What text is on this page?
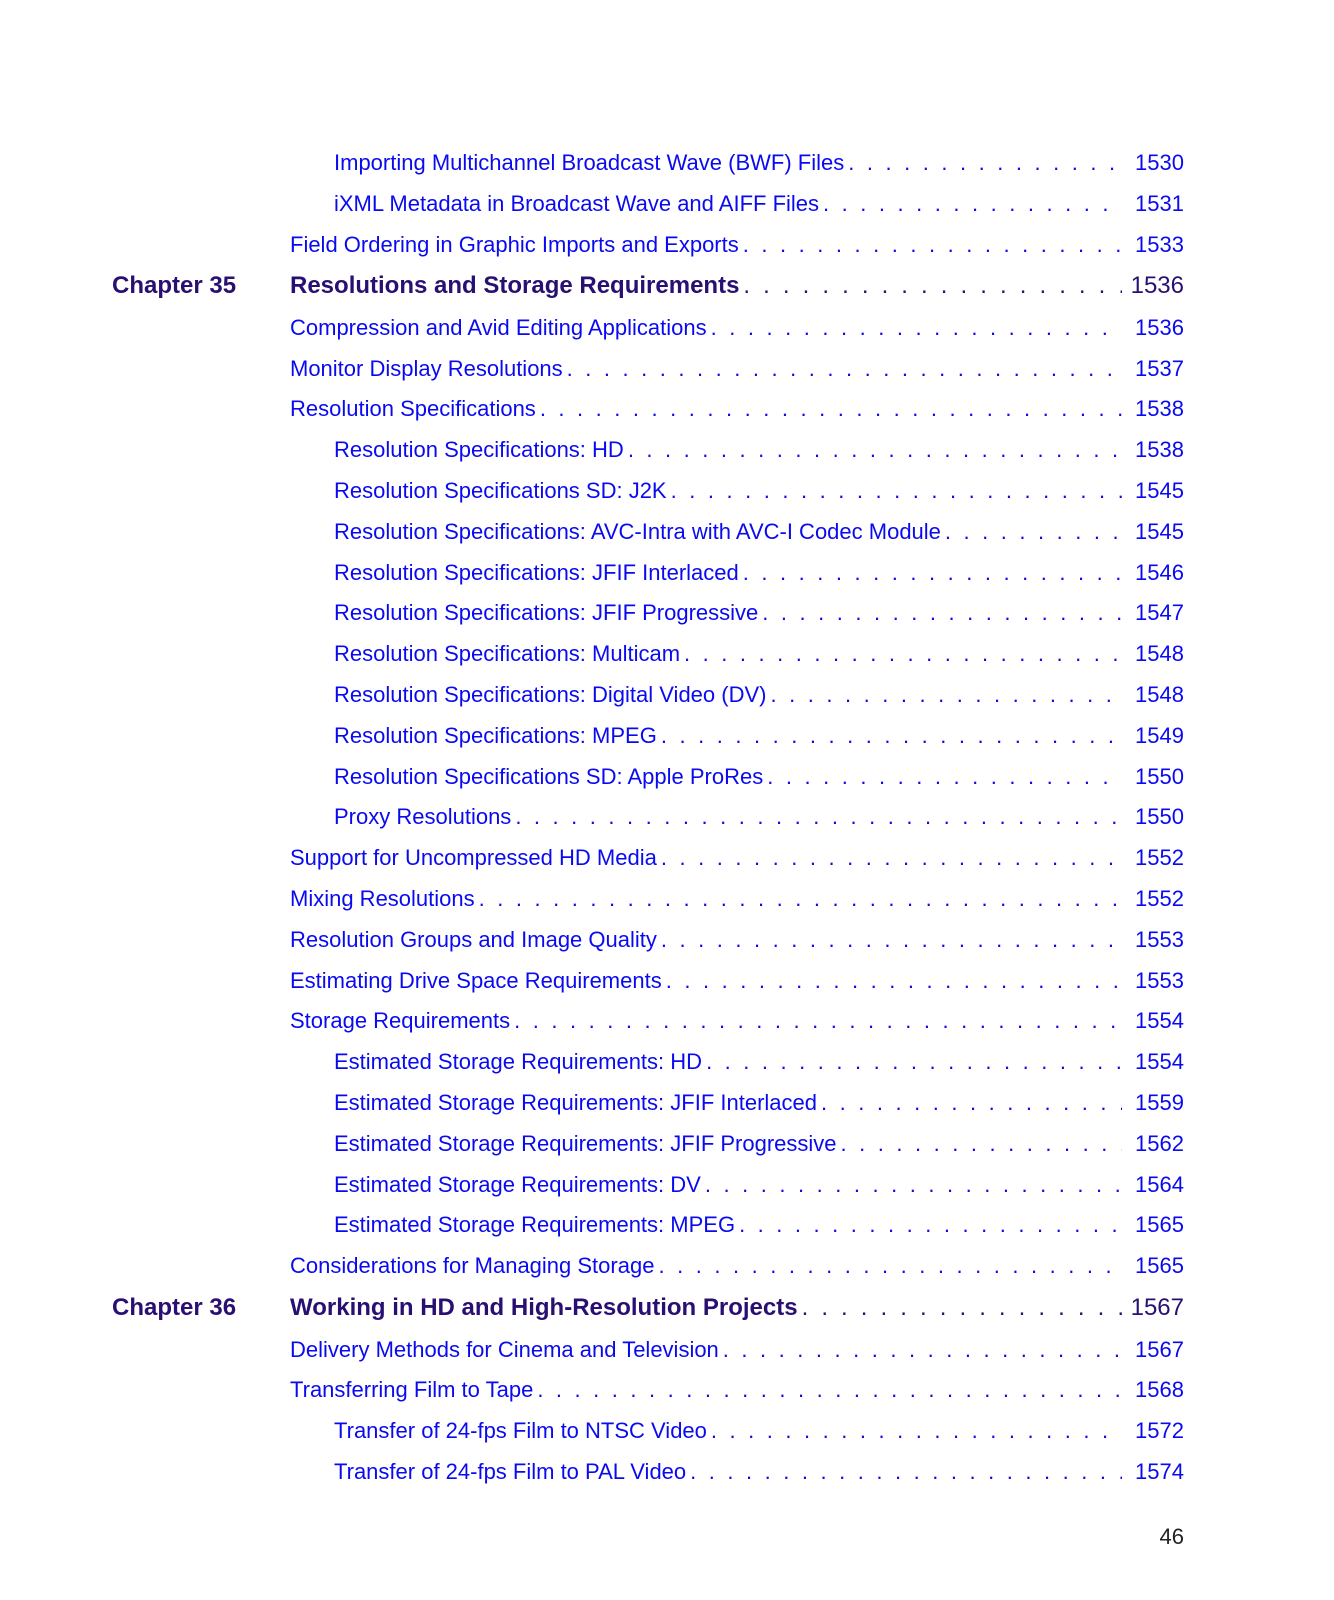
Importing Multichannel Broadcast Wave (BWF) Files . . .	1530
iXML Metadata in Broadcast Wave and AIFF Files . . .	1531
Field Ordering in Graphic Imports and Exports . . .	1533
Chapter 35 Resolutions and Storage Requirements . . .	1536
Compression and Avid Editing Applications . . .	1536
Monitor Display Resolutions . . .	1537
Resolution Specifications . . .	1538
Resolution Specifications: HD . . .	1538
Resolution Specifications SD: J2K . . .	1545
Resolution Specifications: AVC-Intra with AVC-I Codec Module . . .	1545
Resolution Specifications: JFIF Interlaced . . .	1546
Resolution Specifications: JFIF Progressive . . .	1547
Resolution Specifications: Multicam . . .	1548
Resolution Specifications: Digital Video (DV) . . .	1548
Resolution Specifications: MPEG . . .	1549
Resolution Specifications SD: Apple ProRes . . .	1550
Proxy Resolutions . . .	1550
Support for Uncompressed HD Media . . .	1552
Mixing Resolutions . . .	1552
Resolution Groups and Image Quality . . .	1553
Estimating Drive Space Requirements . . .	1553
Storage Requirements . . .	1554
Estimated Storage Requirements: HD . . .	1554
Estimated Storage Requirements: JFIF Interlaced . . .	1559
Estimated Storage Requirements: JFIF Progressive . . .	1562
Estimated Storage Requirements: DV . . .	1564
Estimated Storage Requirements: MPEG . . .	1565
Considerations for Managing Storage . . .	1565
Chapter 36 Working in HD and High-Resolution Projects . . .	1567
Delivery Methods for Cinema and Television . . .	1567
Transferring Film to Tape . . .	1568
Transfer of 24-fps Film to NTSC Video . . .	1572
Transfer of 24-fps Film to PAL Video . . .	1574
46
